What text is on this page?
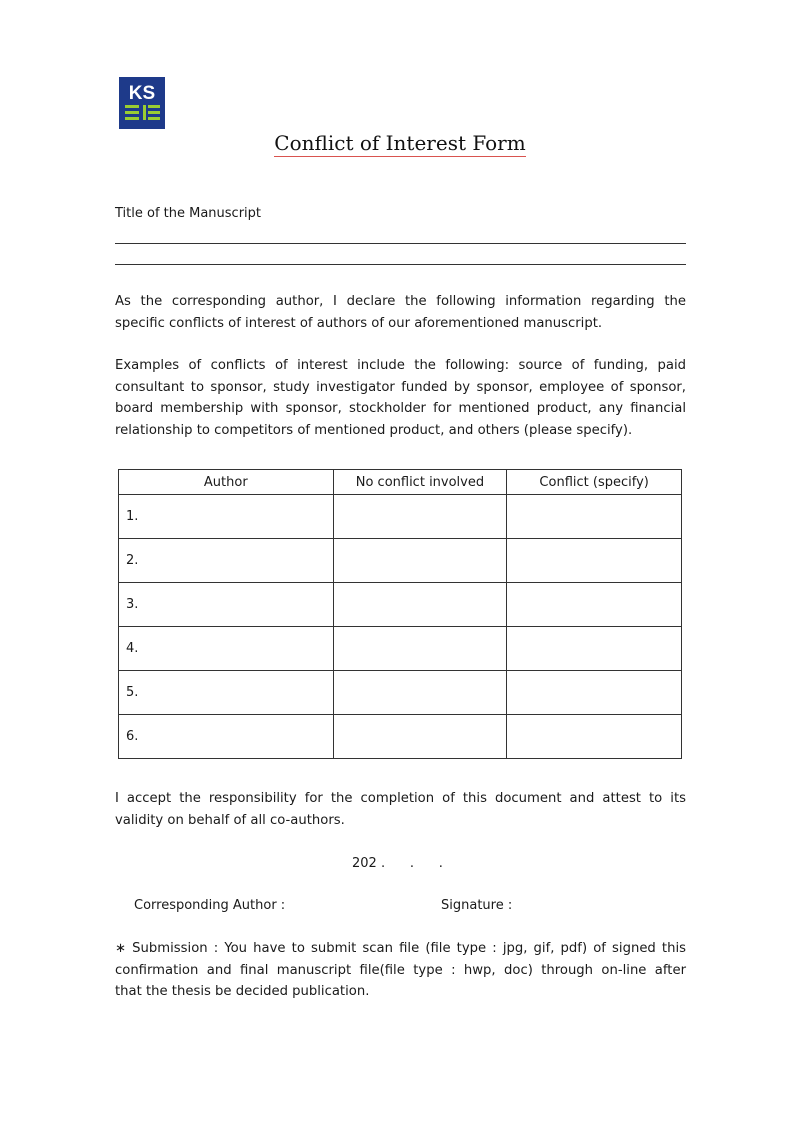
KS
Conflict of Interest Form
Title of the Manuscript
As the corresponding author, I declare the following information regarding the
specific conflicts of interest of authors of our aforementioned manuscript.
Examples of conflicts of interest include the following: source of funding, paid
consultant to sponsor, study investigator funded by sponsor, employee of sponsor,
board membership with sponsor, stockholder for mentioned product, any financial
relationship to competitors of mentioned product, and others (please specify).
Author	No conflict involved	Conflict (specify)
1.		
2.		
3.		
4.		
5.		
6.		
I accept the responsibility for the completion of this document and attest to its
validity on behalf of all co-authors.
202 .      .      .
Corresponding Author :	Signature :
∗ Submission : You have to submit scan file (file type : jpg, gif, pdf) of signed this
confirmation and final manuscript file(file type : hwp, doc) through on-line after
that the thesis be decided publication.
